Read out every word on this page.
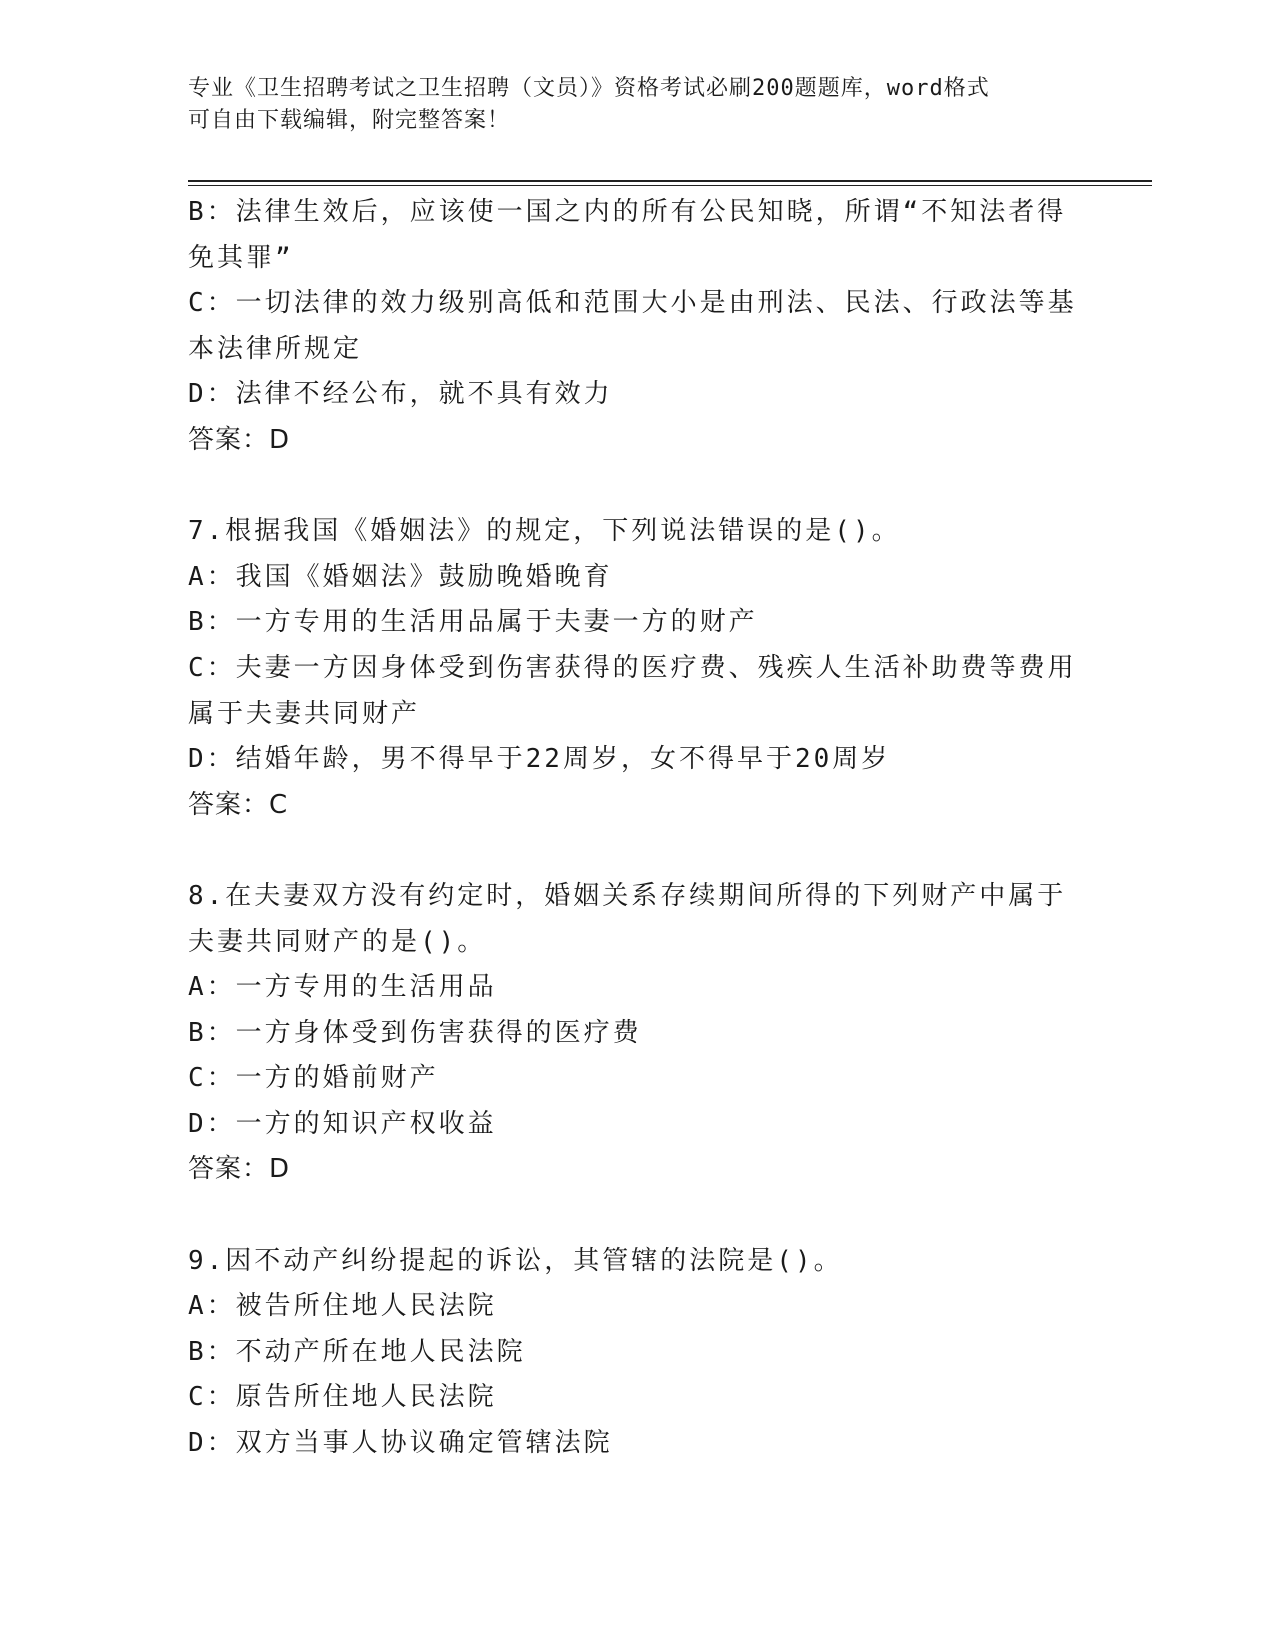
专业《卫生招聘考试之卫生招聘（文员）》资格考试必刷200题题库，word格式
可自由下载编辑，附完整答案！
B：法律生效后，应该使一国之内的所有公民知晓，所谓“不知法者得
免其罪”
C：一切法律的效力级别高低和范围大小是由刑法、民法、行政法等基
本法律所规定
D：法律不经公布，就不具有效力
答案：D
7.根据我国《婚姻法》的规定，下列说法错误的是()。
A：我国《婚姻法》鼓励晚婚晚育
B：一方专用的生活用品属于夫妻一方的财产
C：夫妻一方因身体受到伤害获得的医疗费、残疾人生活补助费等费用
属于夫妻共同财产
D：结婚年龄，男不得早于22周岁，女不得早于20周岁
答案：C
8.在夫妻双方没有约定时，婚姻关系存续期间所得的下列财产中属于
夫妻共同财产的是()。
A：一方专用的生活用品
B：一方身体受到伤害获得的医疗费
C：一方的婚前财产
D：一方的知识产权收益
答案：D
9.因不动产纠纷提起的诉讼，其管辖的法院是()。
A：被告所住地人民法院
B：不动产所在地人民法院
C：原告所住地人民法院
D：双方当事人协议确定管辖法院
